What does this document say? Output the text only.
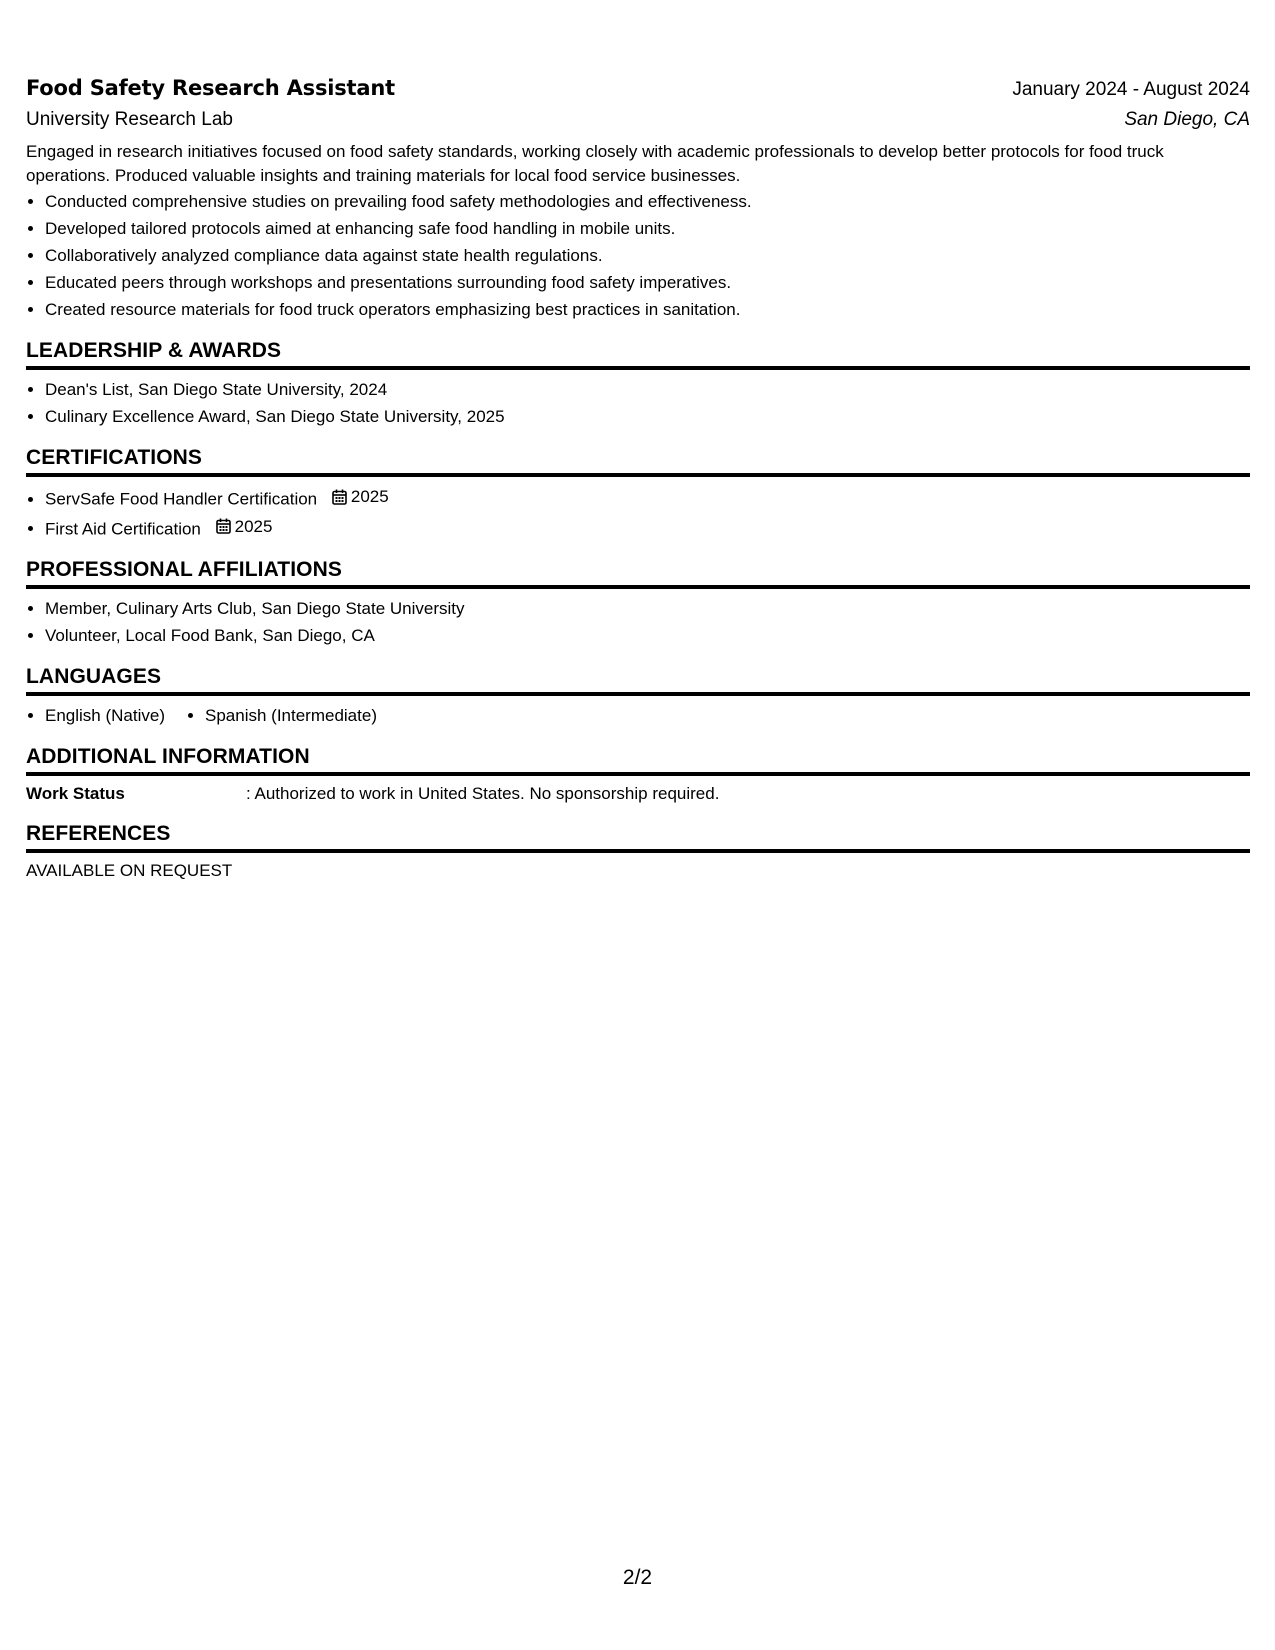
Food Safety Research Assistant	January 2024 - August 2024
University Research Lab	San Diego, CA
Engaged in research initiatives focused on food safety standards, working closely with academic professionals to develop better protocols for food truck operations. Produced valuable insights and training materials for local food service businesses.
• Conducted comprehensive studies on prevailing food safety methodologies and effectiveness.
• Developed tailored protocols aimed at enhancing safe food handling in mobile units.
• Collaboratively analyzed compliance data against state health regulations.
• Educated peers through workshops and presentations surrounding food safety imperatives.
• Created resource materials for food truck operators emphasizing best practices in sanitation.
LEADERSHIP & AWARDS
• Dean's List, San Diego State University, 2024
• Culinary Excellence Award, San Diego State University, 2025
CERTIFICATIONS
• ServSafe Food Handler Certification 2025
• First Aid Certification 2025
PROFESSIONAL AFFILIATIONS
• Member, Culinary Arts Club, San Diego State University
• Volunteer, Local Food Bank, San Diego, CA
LANGUAGES
• English (Native)
• Spanish (Intermediate)
ADDITIONAL INFORMATION
Work Status	: Authorized to work in United States. No sponsorship required.
REFERENCES
AVAILABLE ON REQUEST
2/2
